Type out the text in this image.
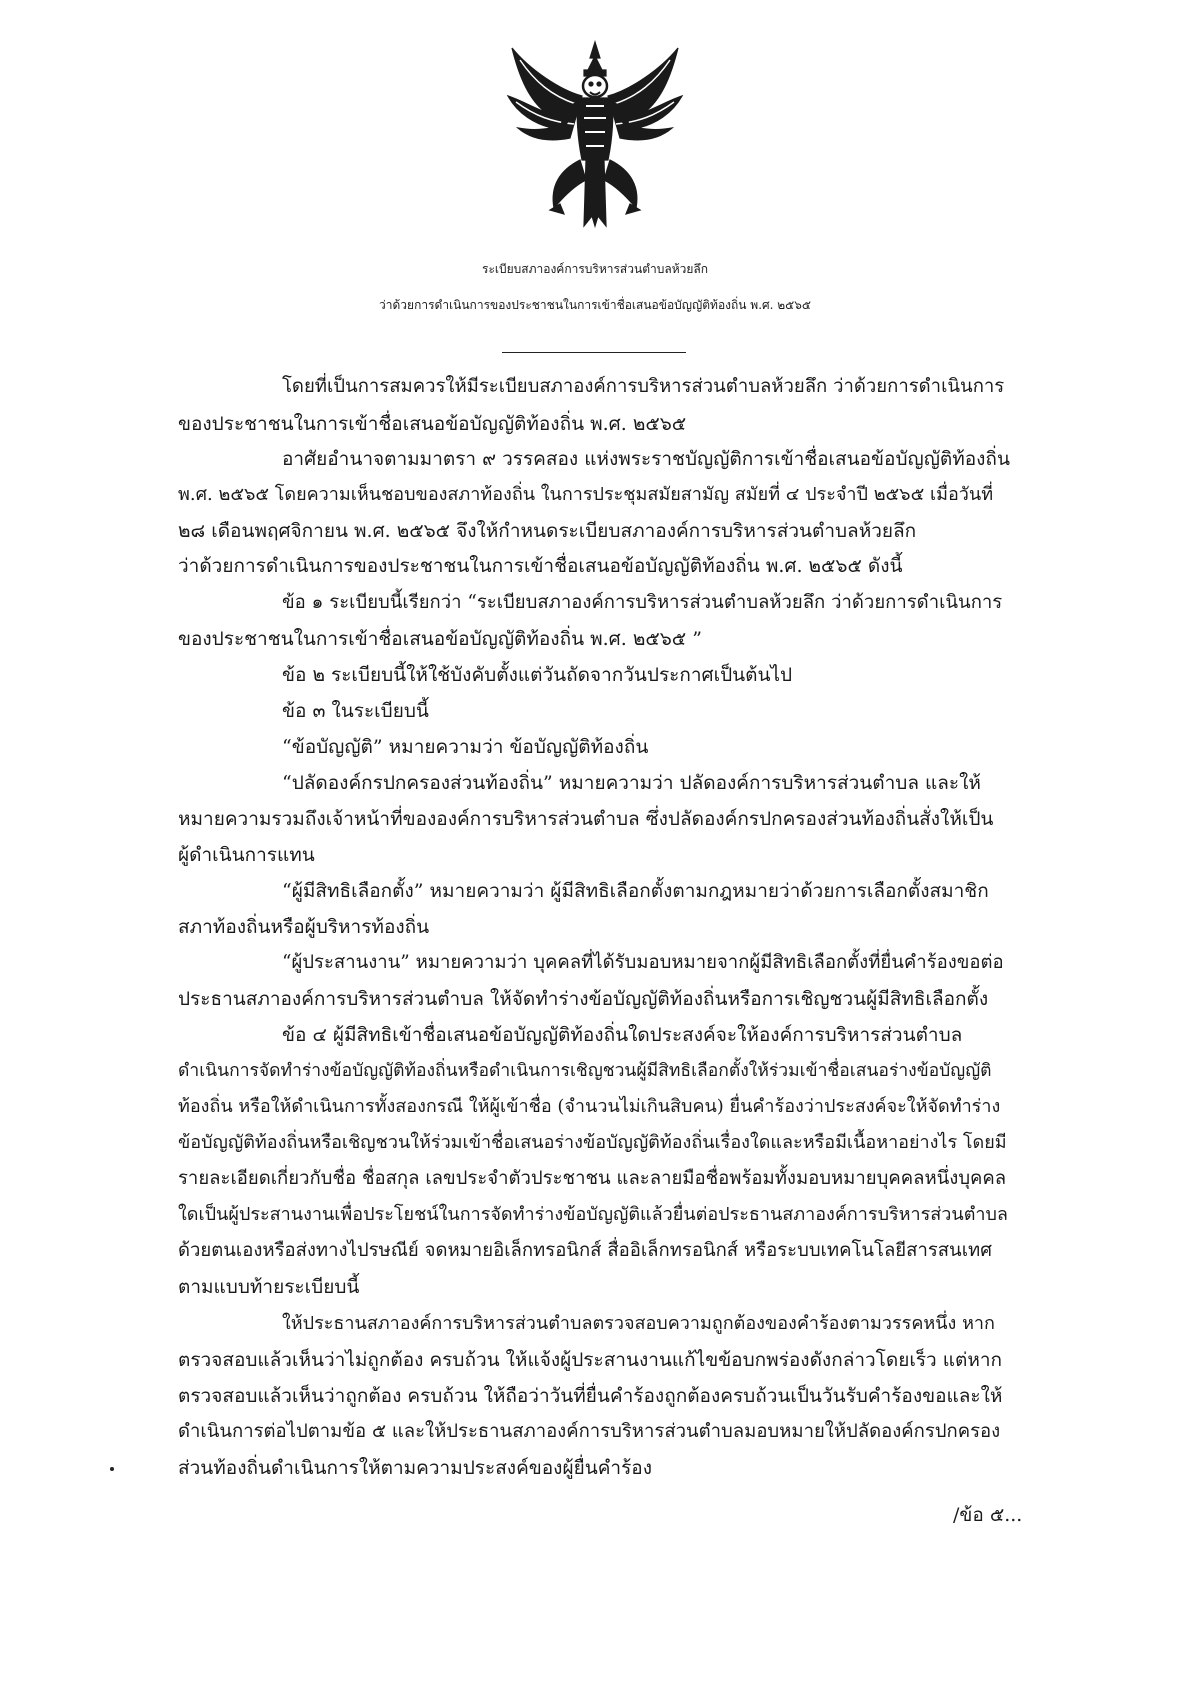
ระเบียบสภาองค์การบริหารส่วนตำบลห้วยลึก
ว่าด้วยการดำเนินการของประชาชนในการเข้าชื่อเสนอข้อบัญญัติท้องถิ่น พ.ศ. ๒๕๖๕
โดยที่เป็นการสมควรให้มีระเบียบสภาองค์การบริหารส่วนตำบลห้วยลึก ว่าด้วยการดำเนินการ
ของประชาชนในการเข้าชื่อเสนอข้อบัญญัติท้องถิ่น พ.ศ. ๒๕๖๕
อาศัยอำนาจตามมาตรา ๙ วรรคสอง แห่งพระราชบัญญัติการเข้าชื่อเสนอข้อบัญญัติท้องถิ่น
พ.ศ. ๒๕๖๕ โดยความเห็นชอบของสภาท้องถิ่น ในการประชุมสมัยสามัญ สมัยที่ ๔ ประจำปี ๒๕๖๕ เมื่อวันที่
๒๘ เดือนพฤศจิกายน พ.ศ. ๒๕๖๕ จึงให้กำหนดระเบียบสภาองค์การบริหารส่วนตำบลห้วยลึก
ว่าด้วยการดำเนินการของประชาชนในการเข้าชื่อเสนอข้อบัญญัติท้องถิ่น พ.ศ. ๒๕๖๕ ดังนี้
ข้อ ๑ ระเบียบนี้เรียกว่า “ระเบียบสภาองค์การบริหารส่วนตำบลห้วยลึก ว่าด้วยการดำเนินการ
ของประชาชนในการเข้าชื่อเสนอข้อบัญญัติท้องถิ่น พ.ศ. ๒๕๖๕ ”
ข้อ ๒ ระเบียบนี้ให้ใช้บังคับตั้งแต่วันถัดจากวันประกาศเป็นต้นไป
ข้อ ๓ ในระเบียบนี้
“ข้อบัญญัติ” หมายความว่า ข้อบัญญัติท้องถิ่น
“ปลัดองค์กรปกครองส่วนท้องถิ่น” หมายความว่า ปลัดองค์การบริหารส่วนตำบล และให้
หมายความรวมถึงเจ้าหน้าที่ขององค์การบริหารส่วนตำบล ซึ่งปลัดองค์กรปกครองส่วนท้องถิ่นสั่งให้เป็น
ผู้ดำเนินการแทน
“ผู้มีสิทธิเลือกตั้ง” หมายความว่า ผู้มีสิทธิเลือกตั้งตามกฎหมายว่าด้วยการเลือกตั้งสมาชิก
สภาท้องถิ่นหรือผู้บริหารท้องถิ่น
“ผู้ประสานงาน” หมายความว่า บุคคลที่ได้รับมอบหมายจากผู้มีสิทธิเลือกตั้งที่ยื่นคำร้องขอต่อ
ประธานสภาองค์การบริหารส่วนตำบล ให้จัดทำร่างข้อบัญญัติท้องถิ่นหรือการเชิญชวนผู้มีสิทธิเลือกตั้ง
ข้อ ๔ ผู้มีสิทธิเข้าชื่อเสนอข้อบัญญัติท้องถิ่นใดประสงค์จะให้องค์การบริหารส่วนตำบล
ดำเนินการจัดทำร่างข้อบัญญัติท้องถิ่นหรือดำเนินการเชิญชวนผู้มีสิทธิเลือกตั้งให้ร่วมเข้าชื่อเสนอร่างข้อบัญญัติ
ท้องถิ่น หรือให้ดำเนินการทั้งสองกรณี ให้ผู้เข้าชื่อ (จำนวนไม่เกินสิบคน) ยื่นคำร้องว่าประสงค์จะให้จัดทำร่าง
ข้อบัญญัติท้องถิ่นหรือเชิญชวนให้ร่วมเข้าชื่อเสนอร่างข้อบัญญัติท้องถิ่นเรื่องใดและหรือมีเนื้อหาอย่างไร โดยมี
รายละเอียดเกี่ยวกับชื่อ ชื่อสกุล เลขประจำตัวประชาชน และลายมือชื่อพร้อมทั้งมอบหมายบุคคลหนึ่งบุคคล
ใดเป็นผู้ประสานงานเพื่อประโยชน์ในการจัดทำร่างข้อบัญญัติแล้วยื่นต่อประธานสภาองค์การบริหารส่วนตำบล
ด้วยตนเองหรือส่งทางไปรษณีย์ จดหมายอิเล็กทรอนิกส์ สื่ออิเล็กทรอนิกส์ หรือระบบเทคโนโลยีสารสนเทศ
ตามแบบท้ายระเบียบนี้
ให้ประธานสภาองค์การบริหารส่วนตำบลตรวจสอบความถูกต้องของคำร้องตามวรรคหนึ่ง หาก
ตรวจสอบแล้วเห็นว่าไม่ถูกต้อง ครบถ้วน ให้แจ้งผู้ประสานงานแก้ไขข้อบกพร่องดังกล่าวโดยเร็ว แต่หาก
ตรวจสอบแล้วเห็นว่าถูกต้อง ครบถ้วน ให้ถือว่าวันที่ยื่นคำร้องถูกต้องครบถ้วนเป็นวันรับคำร้องขอและให้
ดำเนินการต่อไปตามข้อ ๕ และให้ประธานสภาองค์การบริหารส่วนตำบลมอบหมายให้ปลัดองค์กรปกครอง
ส่วนท้องถิ่นดำเนินการให้ตามความประสงค์ของผู้ยื่นคำร้อง
/ข้อ ๕...
